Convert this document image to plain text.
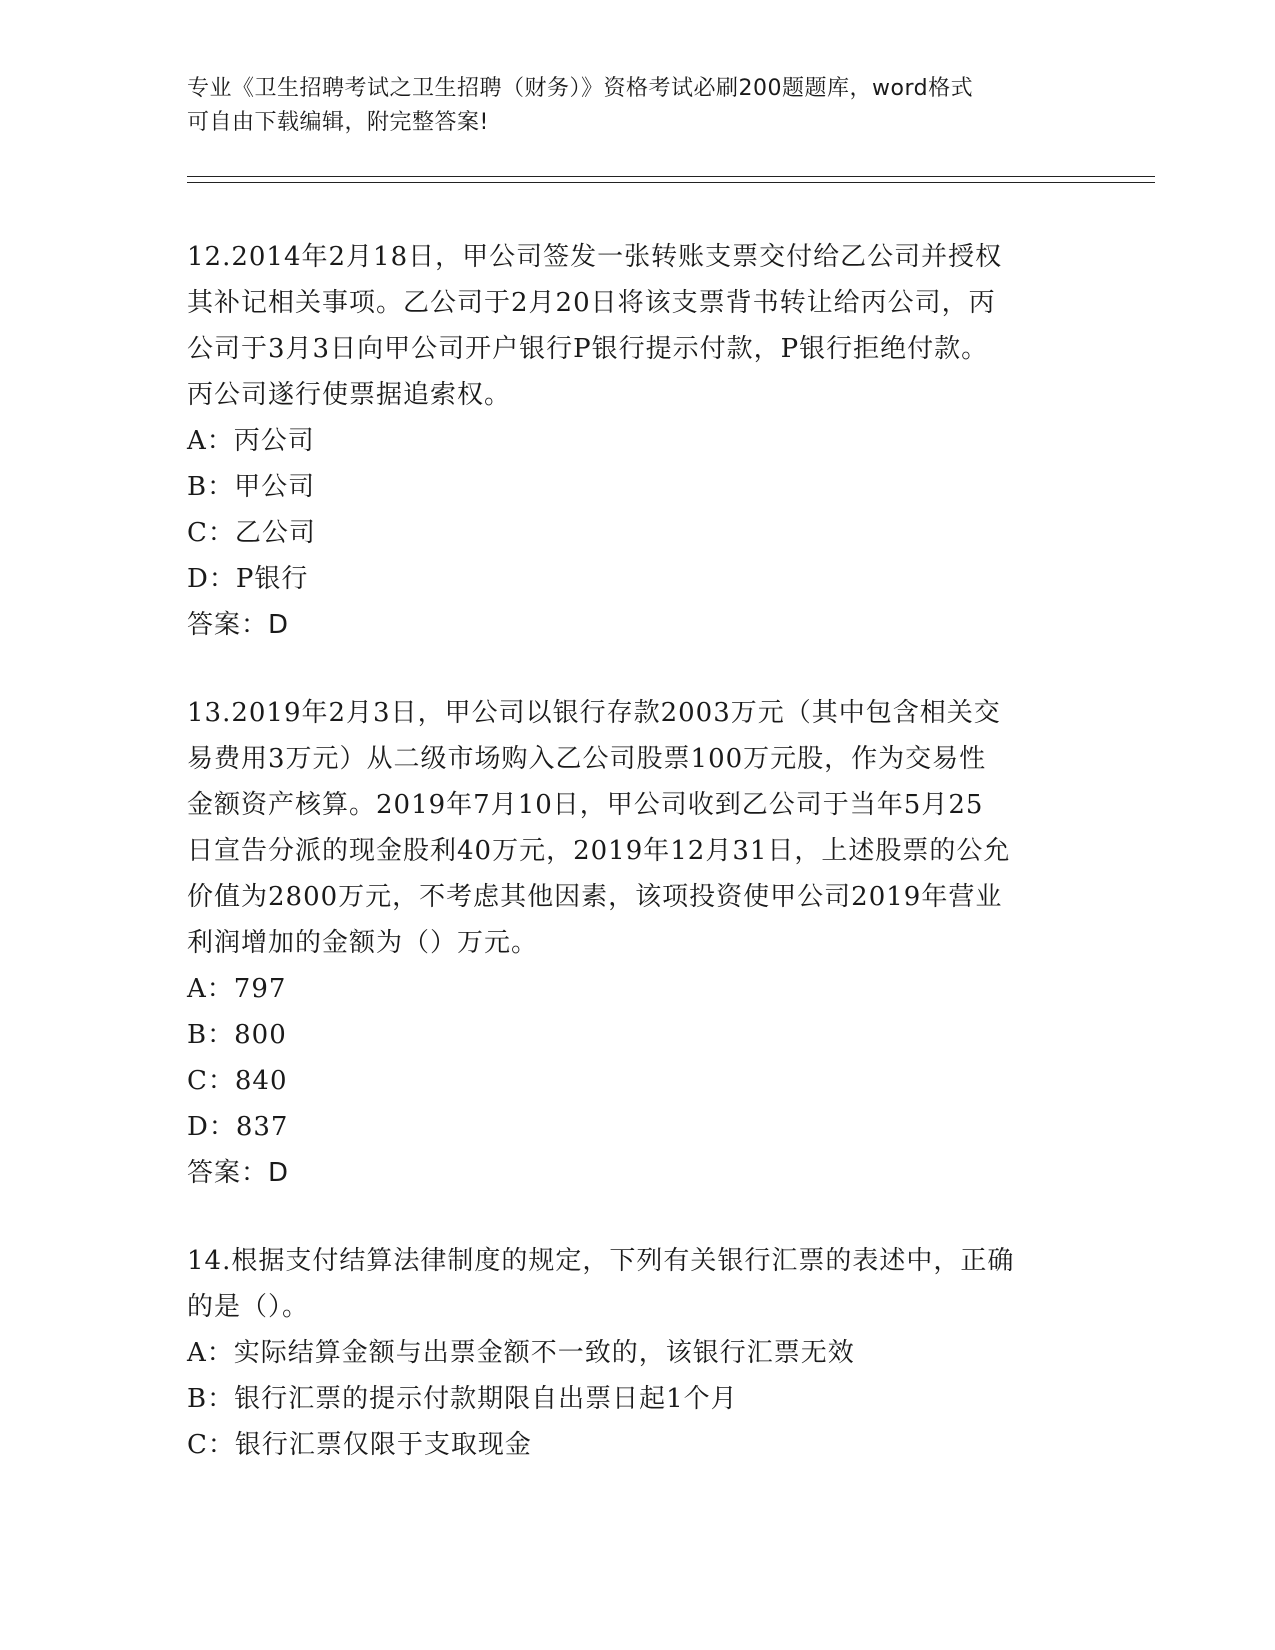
专业《卫生招聘考试之卫生招聘（财务）》资格考试必刷200题题库，word格式
可自由下载编辑，附完整答案!

12.2014年2月18日，甲公司签发一张转账支票交付给乙公司并授权

其补记相关事项。乙公司于2月20日将该支票背书转让给丙公司，丙

公司于3月3日向甲公司开户银行P银行提示付款，P银行拒绝付款。

丙公司遂行使票据追索权。

A：丙公司

B：甲公司

C：乙公司

D：P银行

答案：D

13.2019年2月3日，甲公司以银行存款2003万元（其中包含相关交

易费用3万元）从二级市场购入乙公司股票100万元股，作为交易性

金额资产核算。2019年7月10日，甲公司收到乙公司于当年5月25

日宣告分派的现金股利40万元，2019年12月31日，上述股票的公允

价值为2800万元，不考虑其他因素，该项投资使甲公司2019年营业

利润增加的金额为（）万元。

A：797

B：800

C：840

D：837

答案：D

14.根据支付结算法律制度的规定，下列有关银行汇票的表述中，正确

的是（）。

A：实际结算金额与出票金额不一致的，该银行汇票无效

B：银行汇票的提示付款期限自出票日起1个月

C：银行汇票仅限于支取现金
